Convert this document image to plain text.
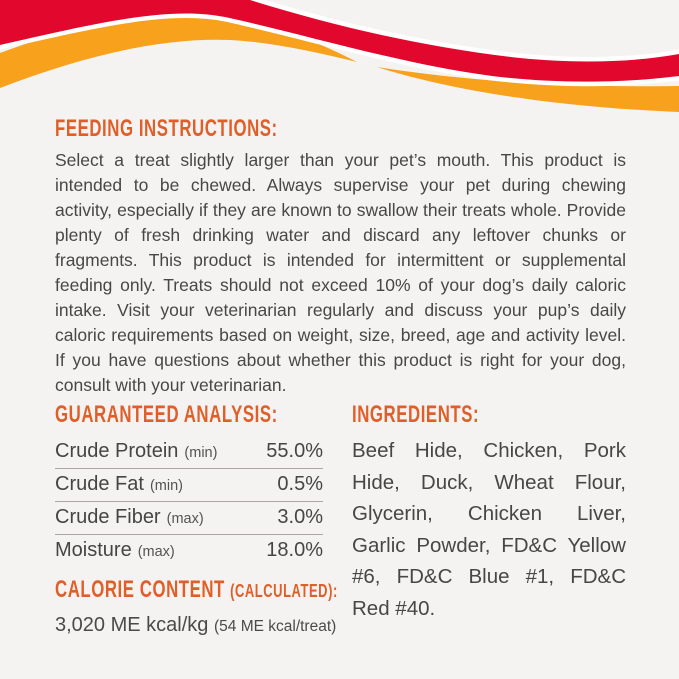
FEEDING INSTRUCTIONS:

Select a treat slightly larger than your pet’s mouth. This product is intended to be chewed. Always supervise your pet during chewing activity, especially if they are known to swallow their treats whole. Provide plenty of fresh drinking water and discard any leftover chunks or fragments. This product is intended for intermittent or supplemental feeding only. Treats should not exceed 10% of your dog’s daily caloric intake. Visit your veterinarian regularly and discuss your pup’s daily caloric requirements based on weight, size, breed, age and activity level. If you have questions about whether this product is right for your dog, consult with your veterinarian.

GUARANTEED ANALYSIS:
Crude Protein (min) 55.0%
Crude Fat (min)	0.5%
Crude Fiber (max)	3.0%
Moisture (max)	18.0%
CALORIE CONTENT (CALCULATED):
3,020 ME kcal/kg (54 ME kcal/treat)
INGREDIENTS:

Beef Hide, Chicken, Pork Hide, Duck, Wheat Flour, Glycerin, Chicken Liver, Garlic Powder, FD&C Yellow #6, FD&C Blue #1, FD&C Red #40.
